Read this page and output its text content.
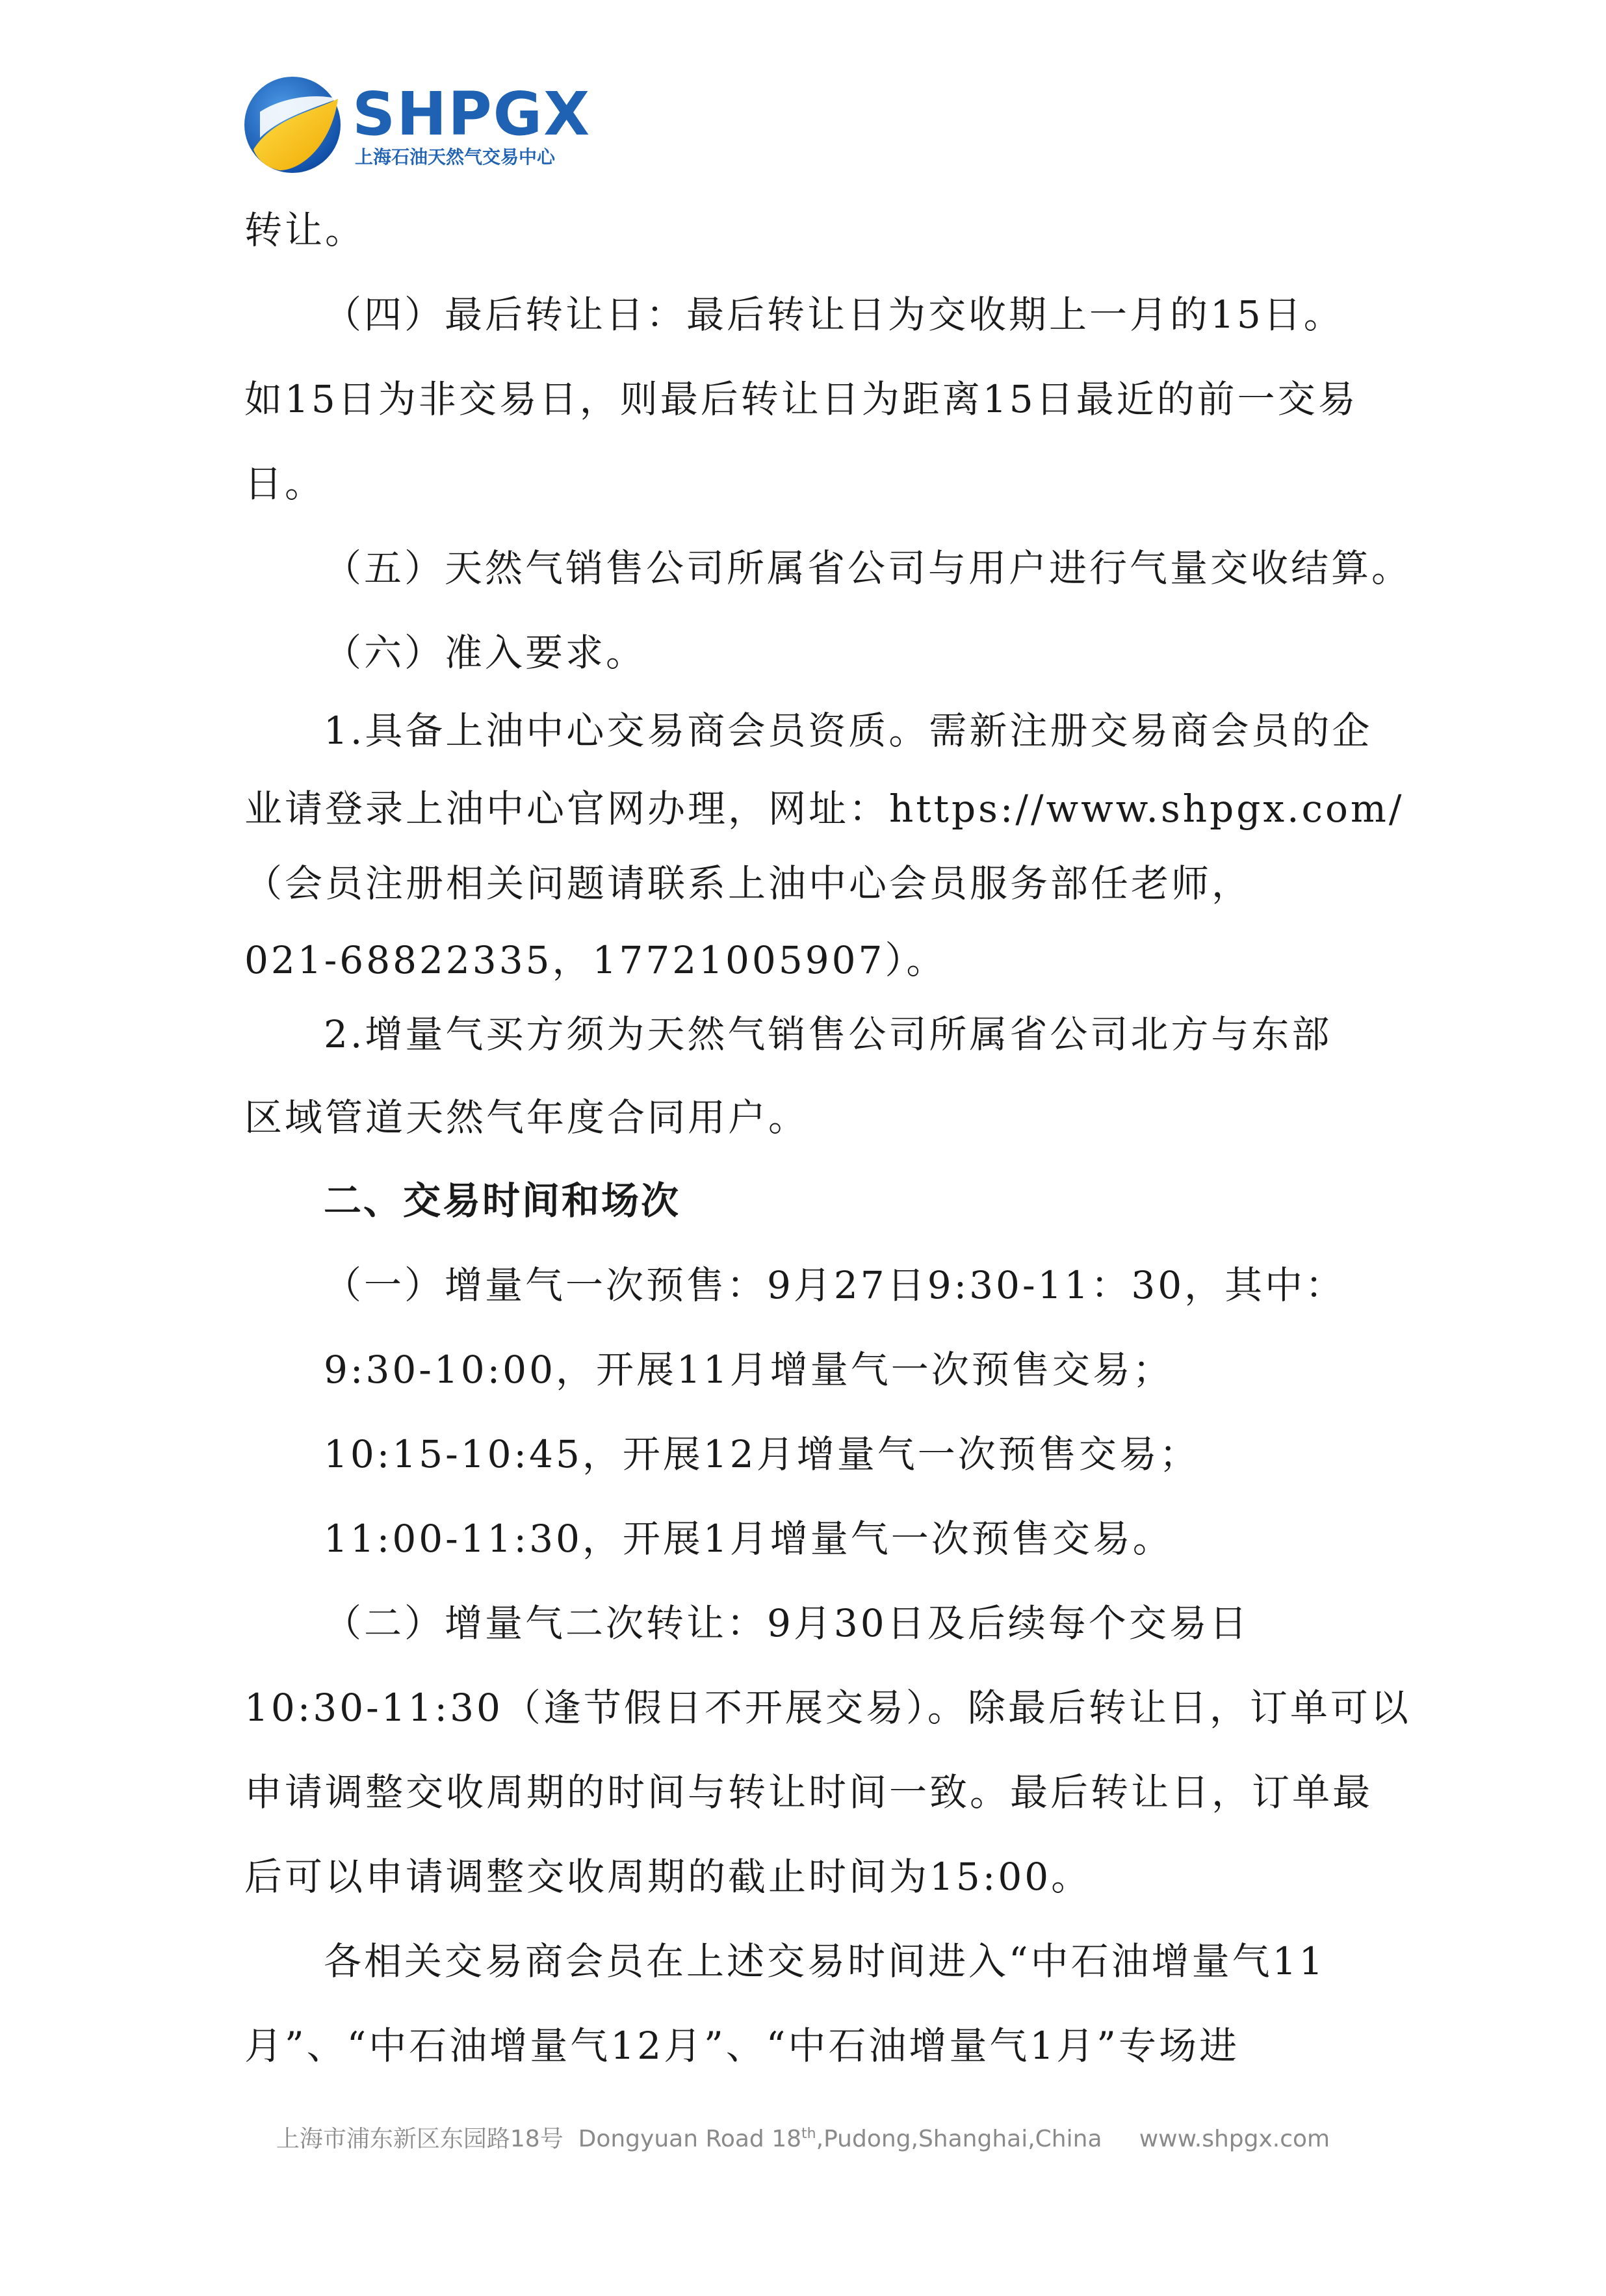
SHPGX
上海石油天然气交易中心
转让。
（四）最后转让日：最后转让日为交收期上一月的15日。
如15日为非交易日，则最后转让日为距离15日最近的前一交易
日。
（五）天然气销售公司所属省公司与用户进行气量交收结算。
（六）准入要求。
1.具备上油中心交易商会员资质。需新注册交易商会员的企
业请登录上油中心官网办理，网址：https://www.shpgx.com/
（会员注册相关问题请联系上油中心会员服务部任老师，
021-68822335，17721005907）。
2.增量气买方须为天然气销售公司所属省公司北方与东部
区域管道天然气年度合同用户。
二、交易时间和场次
（一）增量气一次预售：9月27日9:30-11：30，其中：
9:30-10:00，开展11月增量气一次预售交易；
10:15-10:45，开展12月增量气一次预售交易；
11:00-11:30，开展1月增量气一次预售交易。
（二）增量气二次转让：9月30日及后续每个交易日
10:30-11:30（逢节假日不开展交易）。除最后转让日，订单可以
申请调整交收周期的时间与转让时间一致。最后转让日，订单最
后可以申请调整交收周期的截止时间为15:00。
各相关交易商会员在上述交易时间进入“中石油增量气11
月”、“中石油增量气12月”、“中石油增量气1月”专场进
上海市浦东新区东园路18号 Dongyuan Road 18th,Pudong,Shanghai,China www.shpgx.com
